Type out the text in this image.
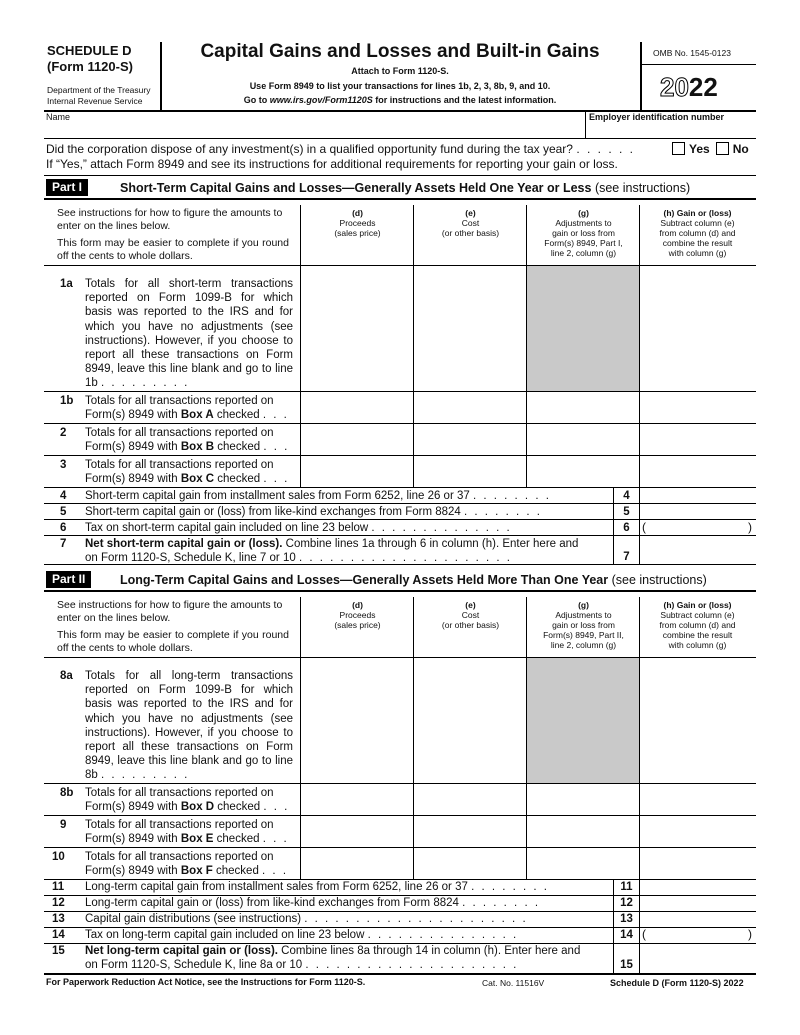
SCHEDULE D
(Form 1120-S)
Department of the Treasury
Internal Revenue Service
Capital Gains and Losses and Built-in Gains
Attach to Form 1120-S.
Use Form 8949 to list your transactions for lines 1b, 2, 3, 8b, 9, and 10.
Go to www.irs.gov/Form1120S for instructions and the latest information.
OMB No. 1545-0123
2022
Name	Employer identification number
Did the corporation dispose of any investment(s) in a qualified opportunity fund during the tax year? . . . . . .	Yes No
If “Yes,” attach Form 8949 and see its instructions for additional requirements for reporting your gain or loss.
Part I	Short-Term Capital Gains and Losses—Generally Assets Held One Year or Less (see instructions)
See instructions for how to figure the amounts to enter on the lines below.
This form may be easier to complete if you round off the cents to whole dollars.
(d)
Proceeds
(sales price)
(e)
Cost
(or other basis)
(g)
Adjustments to
gain or loss from
Form(s) 8949, Part I,
line 2, column (g)
(h) Gain or (loss)
Subtract column (e)
from column (d) and
combine the result
with column (g)
1a Totals for all short-term transactions reported on Form 1099-B for which basis was reported to the IRS and for which you have no adjustments (see instructions). However, if you choose to report all these transactions on Form 8949, leave this line blank and go to line 1b . . . . . . . . .
1b Totals for all transactions reported on
Form(s) 8949 with Box A checked . . .
2 Totals for all transactions reported on
Form(s) 8949 with Box B checked . . .
3 Totals for all transactions reported on
Form(s) 8949 with Box C checked . . .
4 Short-term capital gain from installment sales from Form 6252, line 26 or 37 . . . . . . . .	4
5 Short-term capital gain or (loss) from like-kind exchanges from Form 8824 . . . . . . . .	5
6 Tax on short-term capital gain included on line 23 below . . . . . . . . . . . . . .	6	(	)
7 Net short-term capital gain or (loss). Combine lines 1a through 6 in column (h). Enter here and
on Form 1120-S, Schedule K, line 7 or 10 . . . . . . . . . . . . . . . . . . . . .	7
Part II	Long-Term Capital Gains and Losses—Generally Assets Held More Than One Year (see instructions)
See instructions for how to figure the amounts to enter on the lines below.
This form may be easier to complete if you round off the cents to whole dollars.
(d)
Proceeds
(sales price)
(e)
Cost
(or other basis)
(g)
Adjustments to
gain or loss from
Form(s) 8949, Part II,
line 2, column (g)
(h) Gain or (loss)
Subtract column (e)
from column (d) and
combine the result
with column (g)
8a Totals for all long-term transactions reported on Form 1099-B for which basis was reported to the IRS and for which you have no adjustments (see instructions). However, if you choose to report all these transactions on Form 8949, leave this line blank and go to line 8b . . . . . . . . .
8b Totals for all transactions reported on
Form(s) 8949 with Box D checked . . .
9 Totals for all transactions reported on
Form(s) 8949 with Box E checked . . .
10 Totals for all transactions reported on
Form(s) 8949 with Box F checked . . .
11 Long-term capital gain from installment sales from Form 6252, line 26 or 37 . . . . . . . .	11
12 Long-term capital gain or (loss) from like-kind exchanges from Form 8824 . . . . . . . .	12
13 Capital gain distributions (see instructions) . . . . . . . . . . . . . . . . . . . . . .	13
14 Tax on long-term capital gain included on line 23 below . . . . . . . . . . . . . . .	14 (	)
15 Net long-term capital gain or (loss). Combine lines 8a through 14 in column (h). Enter here and
on Form 1120-S, Schedule K, line 8a or 10 . . . . . . . . . . . . . . . . . . . . .	15
For Paperwork Reduction Act Notice, see the Instructions for Form 1120-S.	Cat. No. 11516V	Schedule D (Form 1120-S) 2022
